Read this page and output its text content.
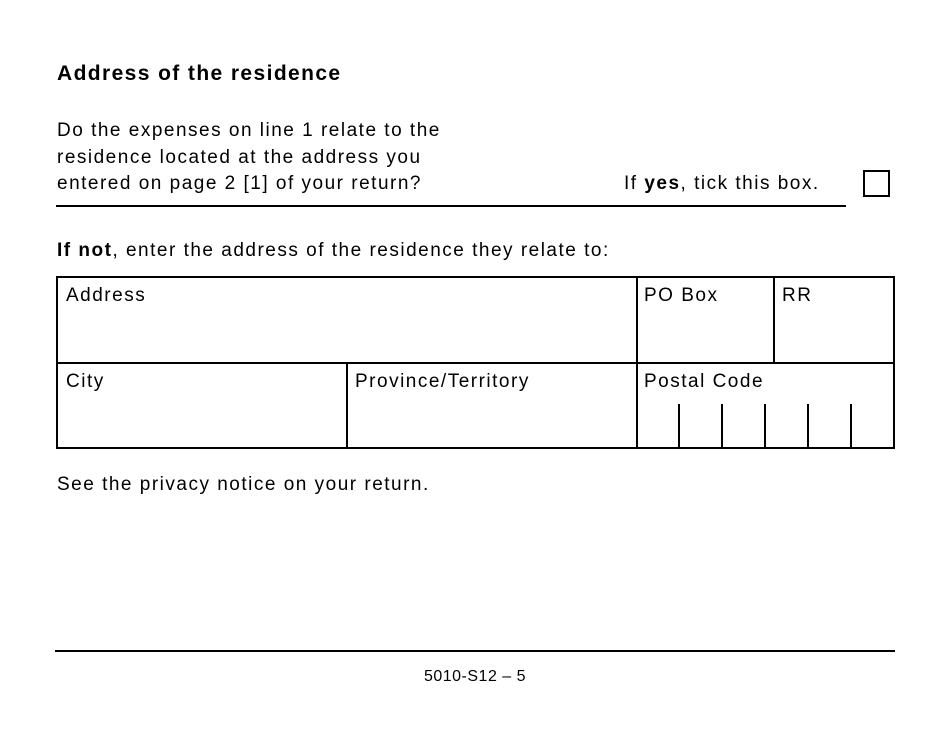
Address of the residence
Do the expenses on line 1 relate to the
residence located at the address you
entered on page 2 [1] of your return?	If yes, tick this box.
If not, enter the address of the residence they relate to:
Address	PO Box	RR
City	Province/Territory	Postal Code
See the privacy notice on your return.
5010-S12 – 5
